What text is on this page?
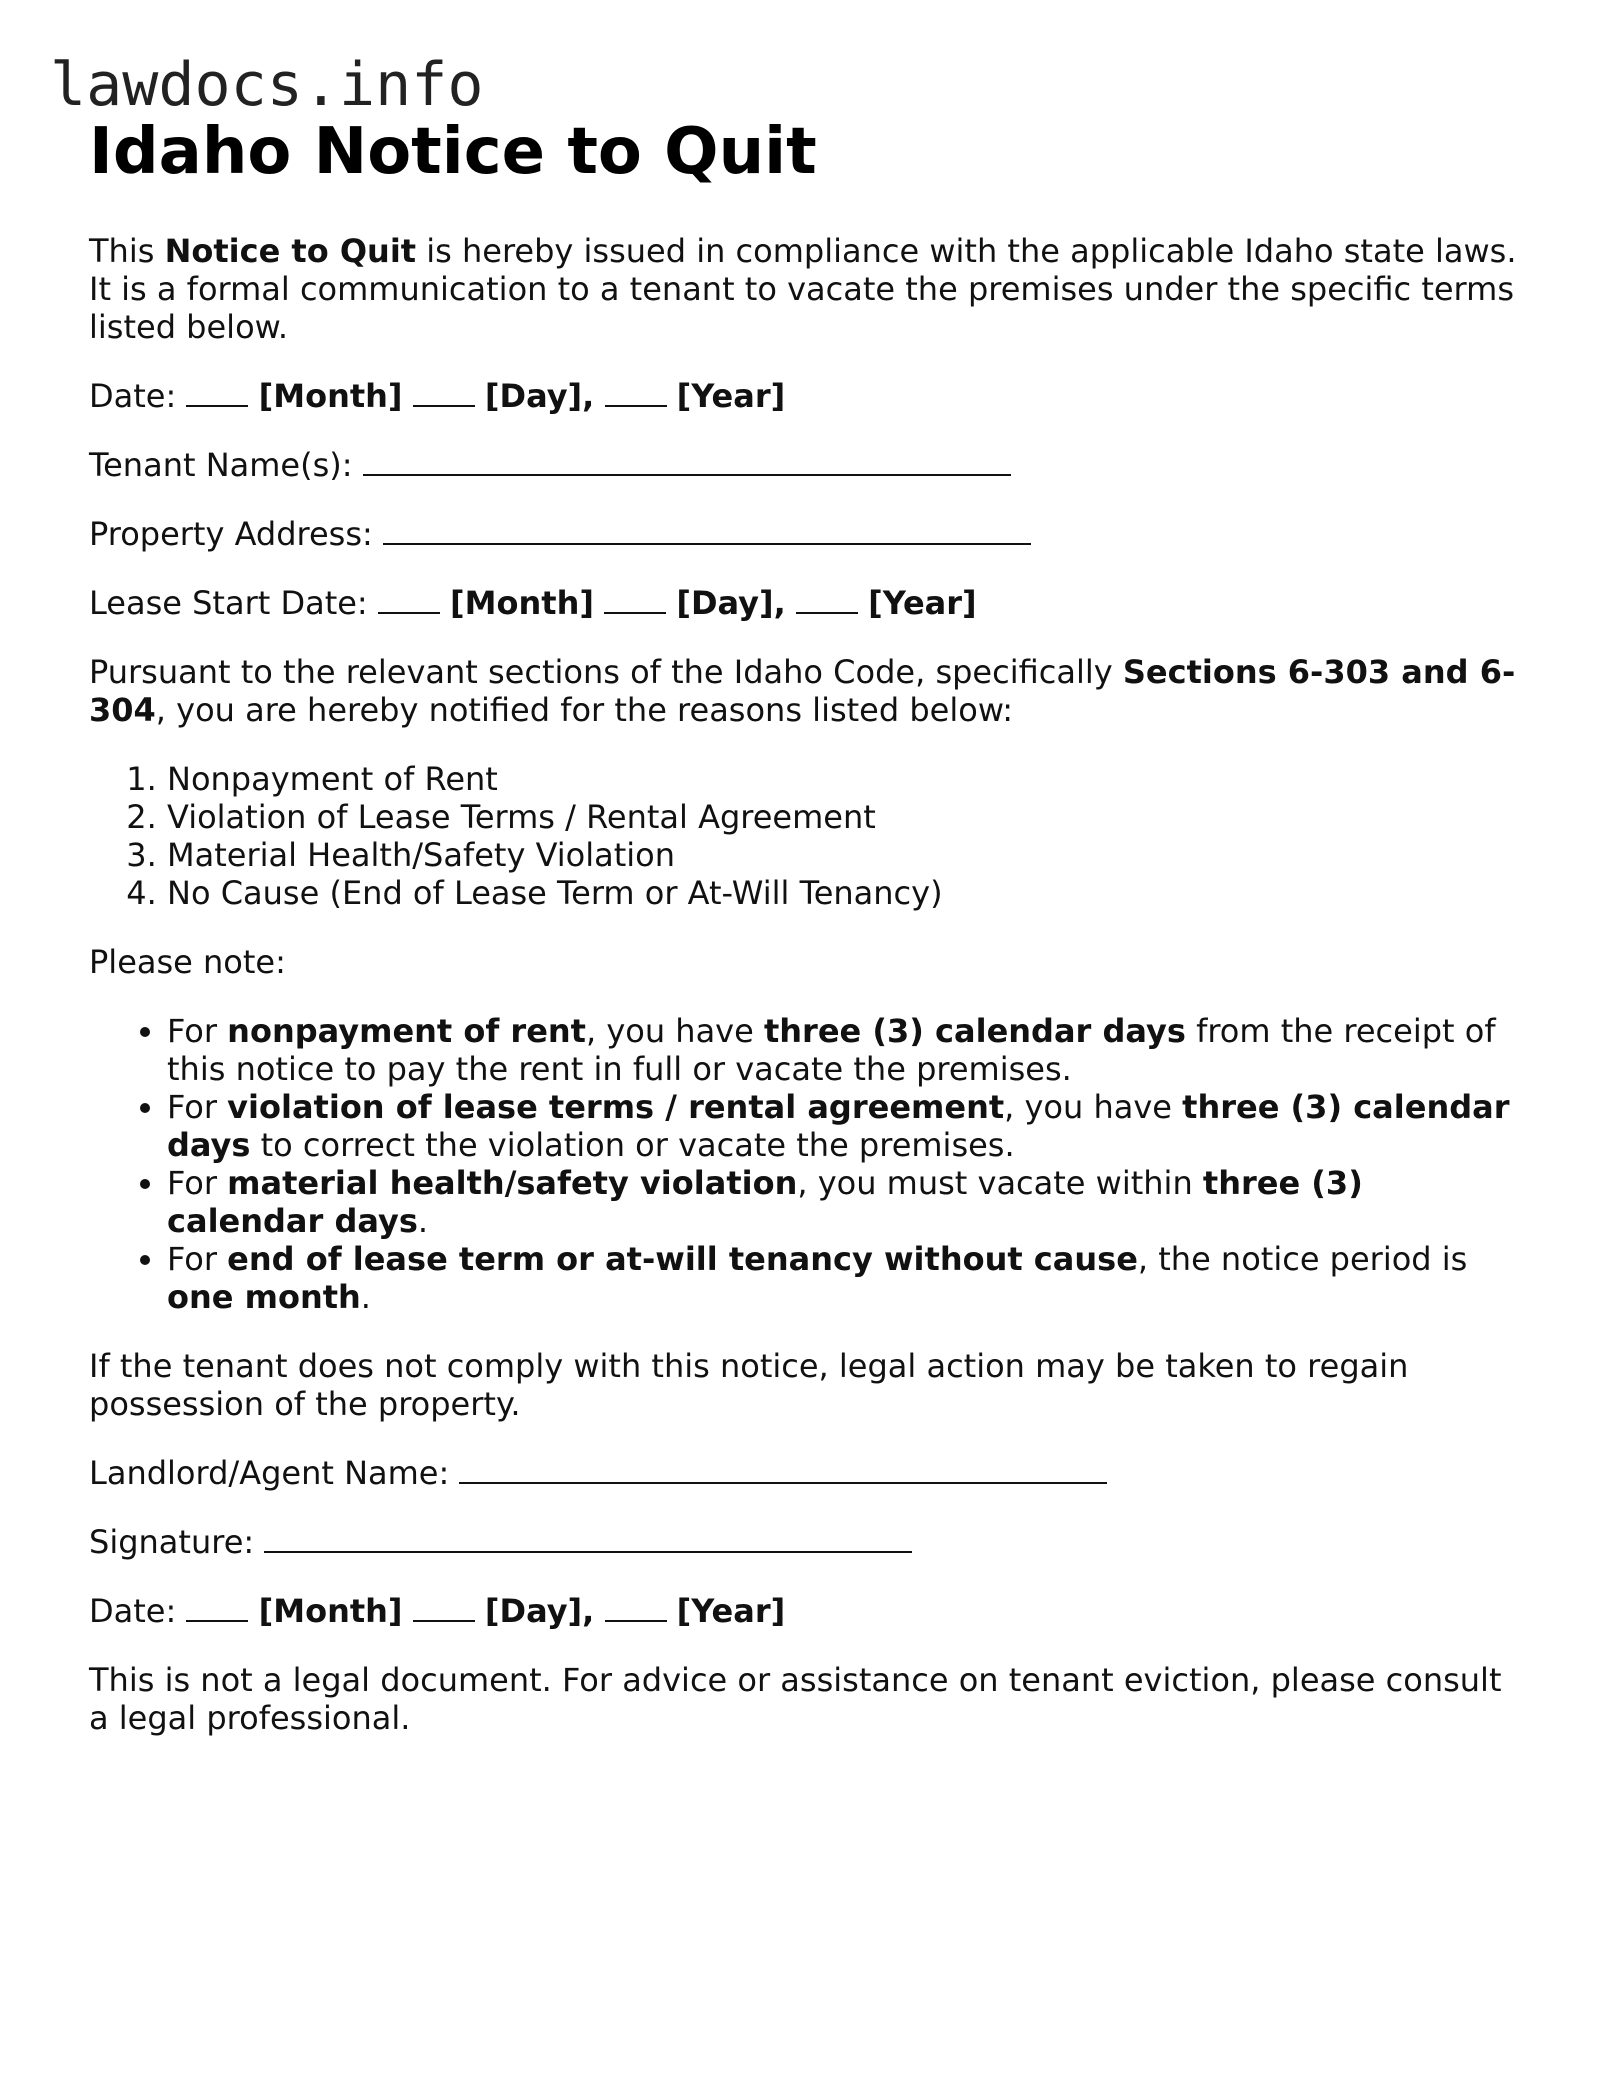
lawdocs.info
Idaho Notice to Quit

This Notice to Quit is hereby issued in compliance with the applicable Idaho state laws. It is a formal communication to a tenant to vacate the premises under the specific terms listed below.

Date:  [Month]	[Day],	[Year]

Tenant Name(s):

Property Address:

Lease Start Date:  [Month]	[Day],	[Year]

Pursuant to the relevant sections of the Idaho Code, specifically Sections 6-303 and 6-304, you are hereby notified for the reasons listed below:

1. Nonpayment of Rent
2. Violation of Lease Terms / Rental Agreement
3. Material Health/Safety Violation
4. No Cause (End of Lease Term or At-Will Tenancy)

Please note:

• For nonpayment of rent, you have three (3) calendar days from the receipt of this notice to pay the rent in full or vacate the premises.
• For violation of lease terms / rental agreement, you have three (3) calendar days to correct the violation or vacate the premises.
• For material health/safety violation, you must vacate within three (3) calendar days.
• For end of lease term or at-will tenancy without cause, the notice period is one month.

If the tenant does not comply with this notice, legal action may be taken to regain possession of the property.

Landlord/Agent Name:

Signature:

Date:  [Month]	[Day],	[Year]

This is not a legal document. For advice or assistance on tenant eviction, please consult a legal professional.
